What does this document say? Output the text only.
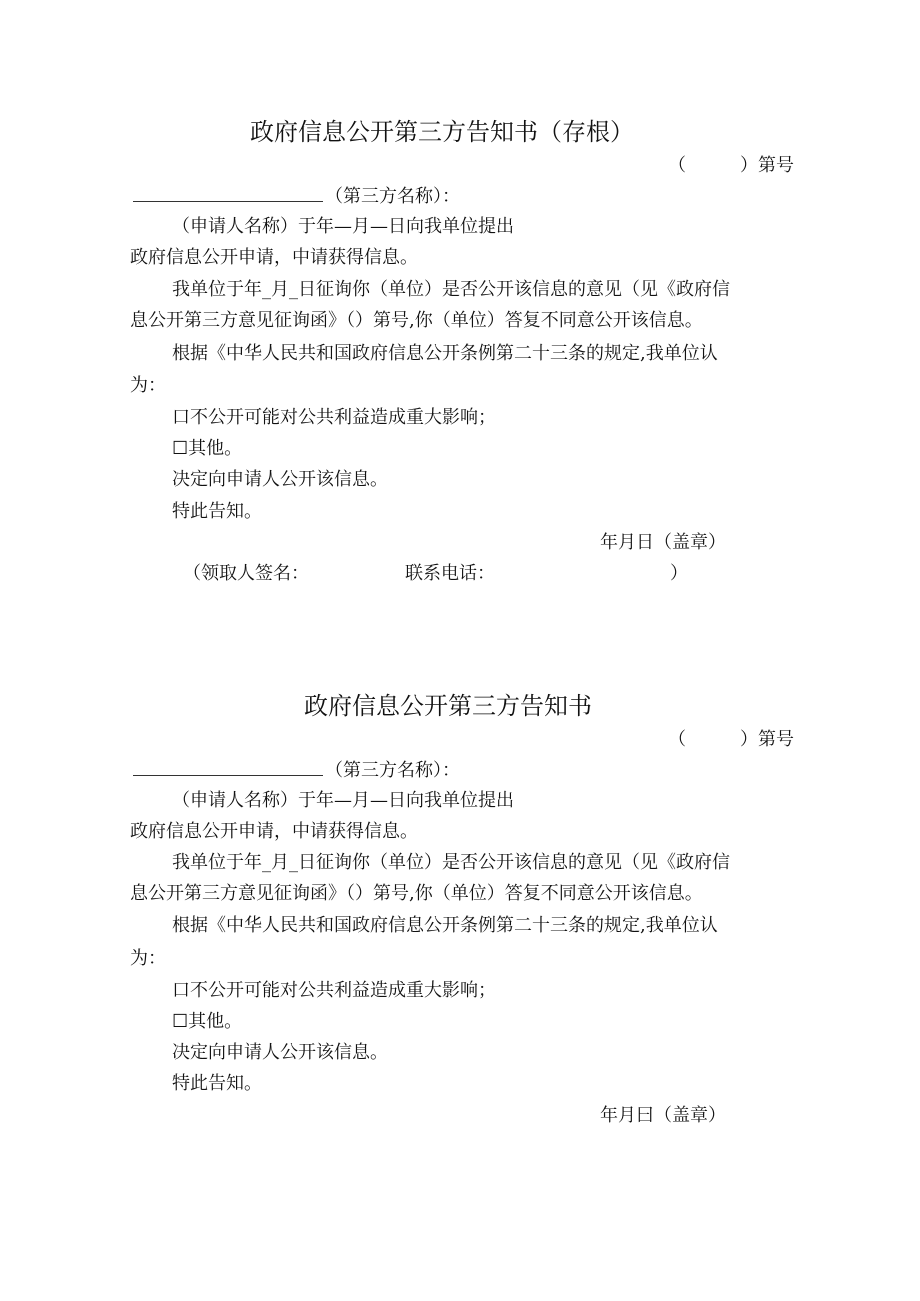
政府信息公开第三方告知书（存根）
（　　　）第号
（第三方名称）：
（申请人名称）于年—月—日向我单位提出
政府信息公开申请，中请获得信息。
我单位于年_月_日征询你（单位）是否公开该信息的意见（见《政府信
息公开第三方意见征询函》（）第号,你（单位）答复不同意公开该信息。
根据《中华人民共和国政府信息公开条例第二十三条的规定,我单位认
为：
口不公开可能对公共利益造成重大影响；
☐其他。
决定向申请人公开该信息。
特此告知。
年月日（盖章）
（领取人签名：	联系电话：	）
政府信息公开第三方告知书
（　　　）第号
（第三方名称）：
（申请人名称）于年—月—日向我单位提出
政府信息公开申请，中请获得信息。
我单位于年_月_日征询你（单位）是否公开该信息的意见（见《政府信
息公开第三方意见征询函》（）第号,你（单位）答复不同意公开该信息。
根据《中华人民共和国政府信息公开条例第二十三条的规定,我单位认
为：
口不公开可能对公共利益造成重大影响；
☐其他。
决定向申请人公开该信息。
特此告知。
年月曰（盖章）
